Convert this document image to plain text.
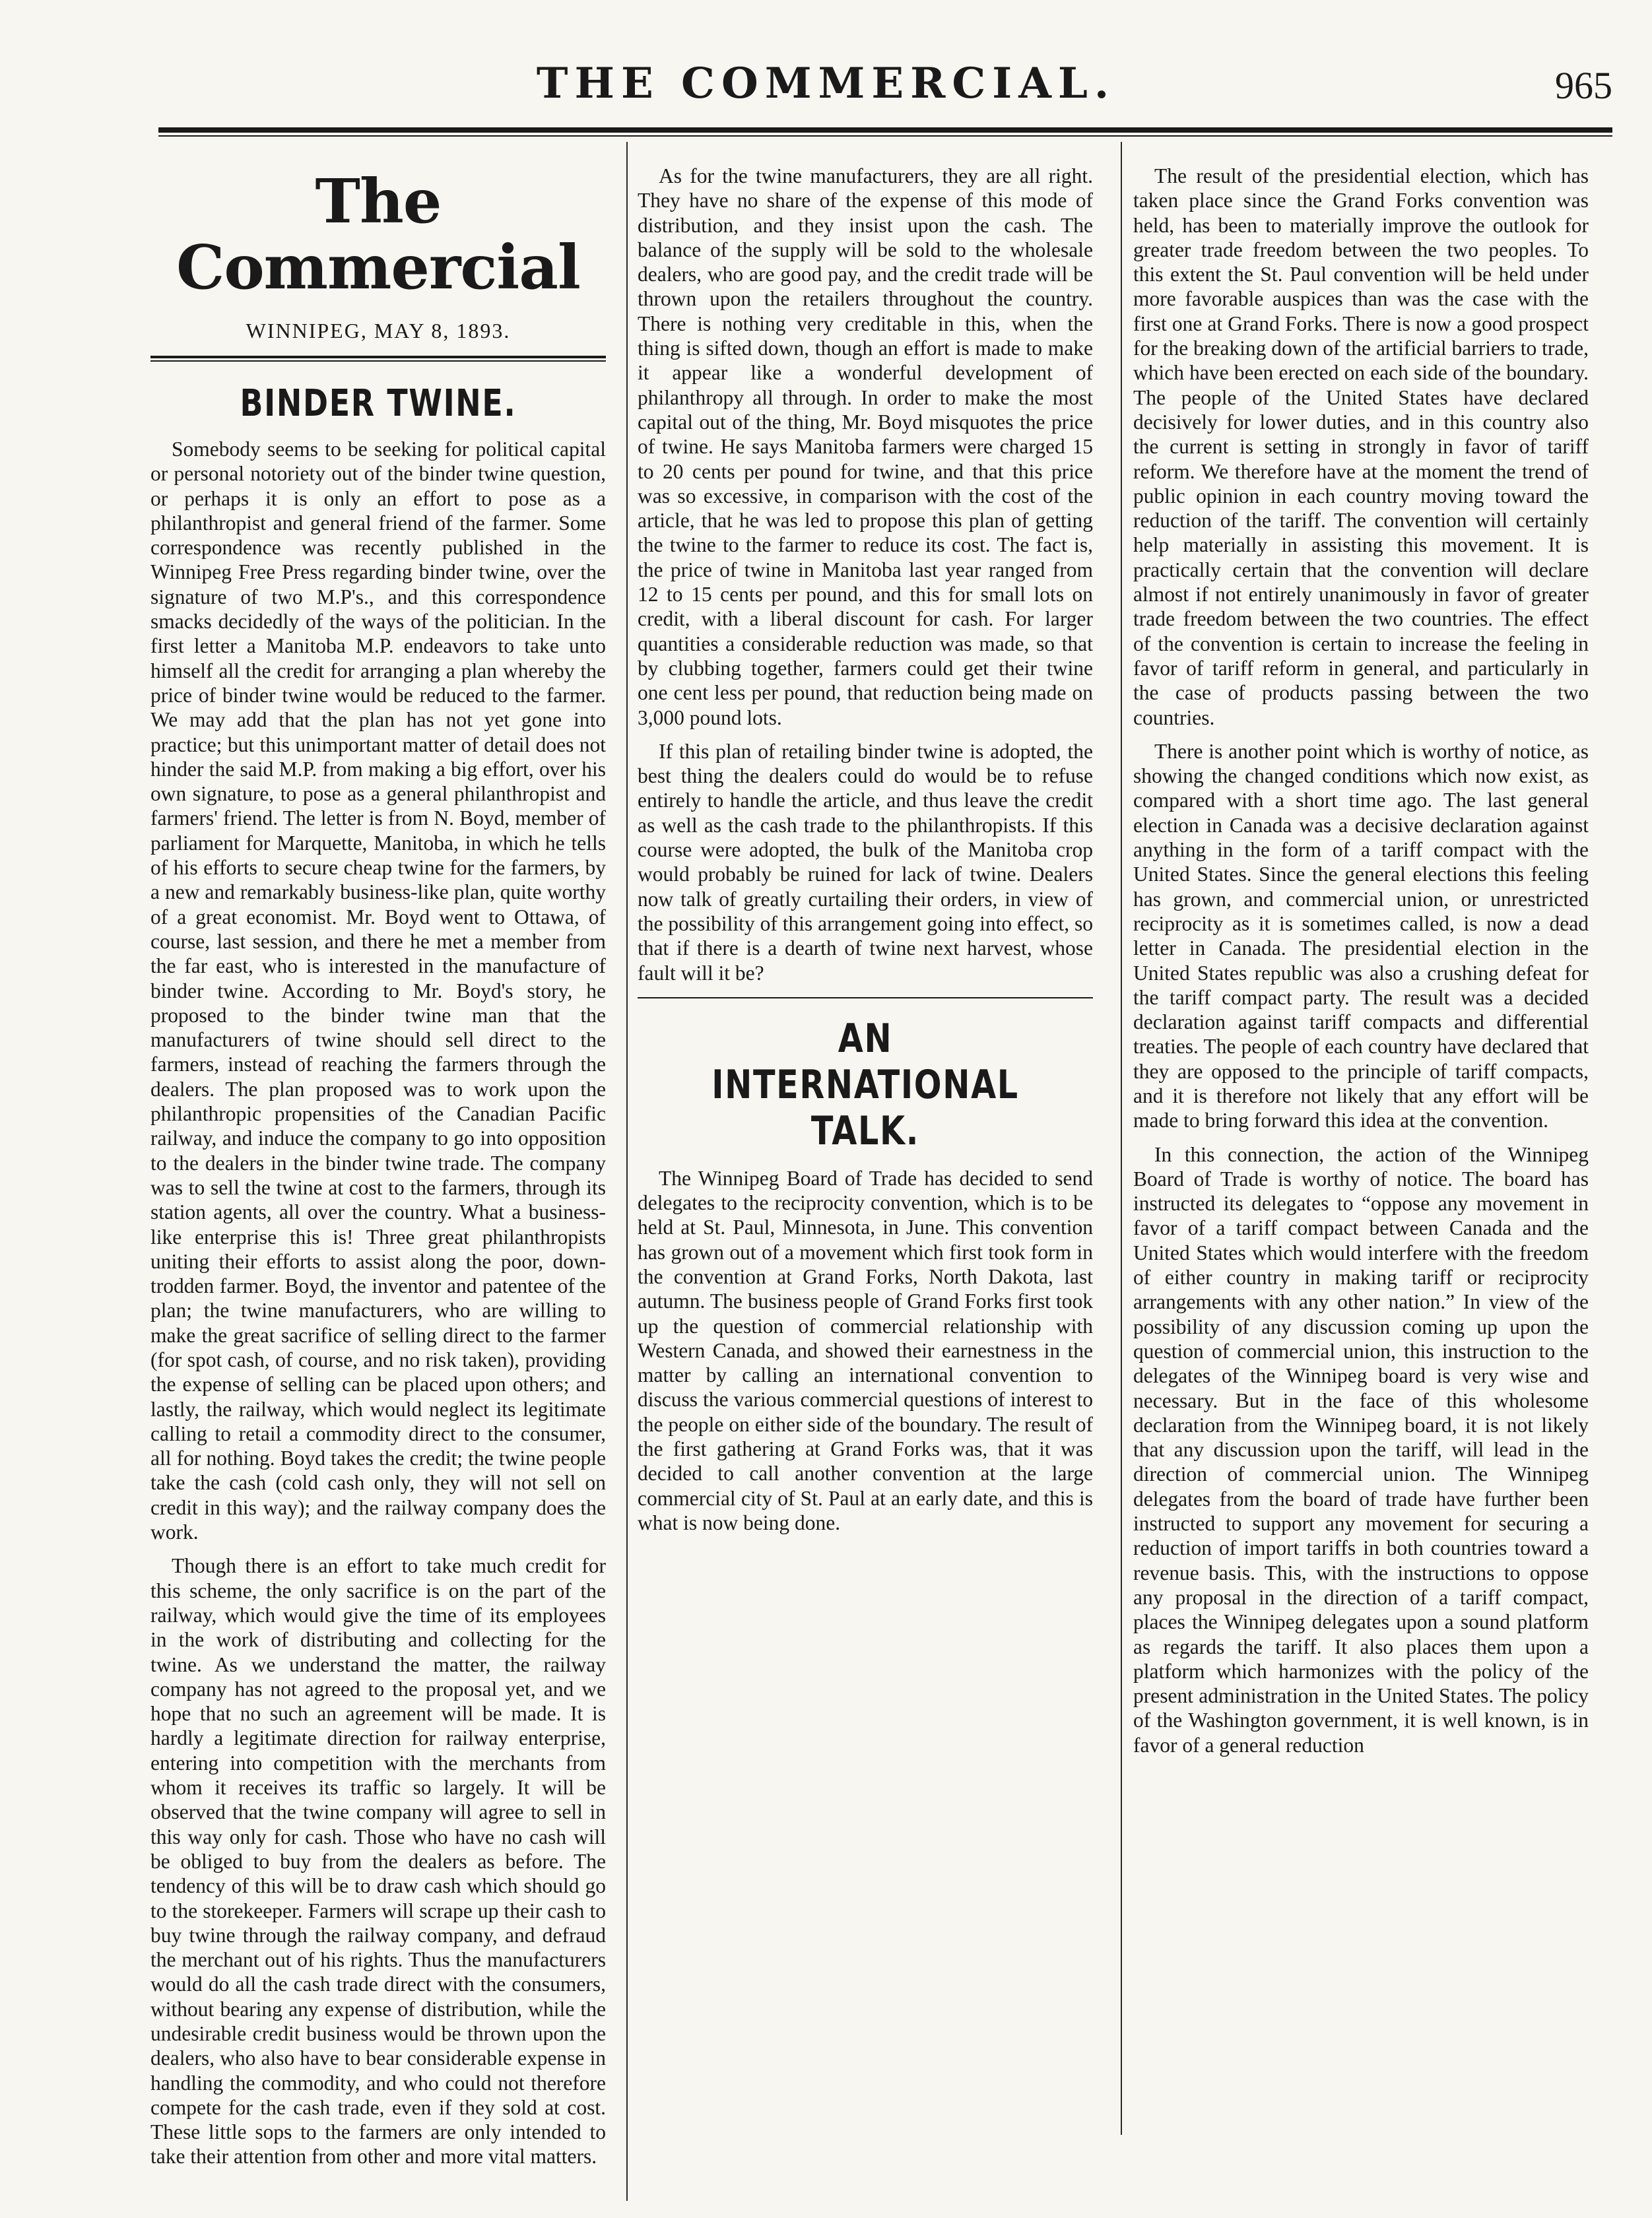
THE COMMERCIAL.	965
The Commercial
WINNIPEG, MAY 8, 1893.
BINDER TWINE.

Somebody seems to be seeking for political capital or personal notoriety out of the binder twine question, or perhaps it is only an effort to pose as a philanthropist and general friend of the farmer. Some correspondence was recently published in the Winnipeg Free Press regarding binder twine, over the signature of two M.P's., and this correspondence smacks decidedly of the ways of the politician. In the first letter a Manitoba M.P. endeavors to take unto himself all the credit for arranging a plan whereby the price of binder twine would be reduced to the farmer. We may add that the plan has not yet gone into practice; but this unimportant matter of detail does not hinder the said M.P. from making a big effort, over his own signature, to pose as a general philanthropist and farmers' friend. The letter is from N. Boyd, member of parliament for Marquette, Manitoba, in which he tells of his efforts to secure cheap twine for the farmers, by a new and remarkably business-like plan, quite worthy of a great economist. Mr. Boyd went to Ottawa, of course, last session, and there he met a member from the far east, who is interested in the manufacture of binder twine. According to Mr. Boyd's story, he proposed to the binder twine man that the manufacturers of twine should sell direct to the farmers, instead of reaching the farmers through the dealers. The plan proposed was to work upon the philanthropic propensities of the Canadian Pacific railway, and induce the company to go into opposition to the dealers in the binder twine trade. The company was to sell the twine at cost to the farmers, through its station agents, all over the country. What a business-like enterprise this is! Three great philanthropists uniting their efforts to assist along the poor, down-trodden farmer. Boyd, the inventor and patentee of the plan; the twine manufacturers, who are willing to make the great sacrifice of selling direct to the farmer (for spot cash, of course, and no risk taken), providing the expense of selling can be placed upon others; and lastly, the railway, which would neglect its legitimate calling to retail a commodity direct to the consumer, all for nothing. Boyd takes the credit; the twine people take the cash (cold cash only, they will not sell on credit in this way); and the railway company does the work.

Though there is an effort to take much credit for this scheme, the only sacrifice is on the part of the railway, which would give the time of its employees in the work of distributing and collecting for the twine. As we understand the matter, the railway company has not agreed to the proposal yet, and we hope that no such an agreement will be made. It is hardly a legitimate direction for railway enterprise, entering into competition with the merchants from whom it receives its traffic so largely. It will be observed that the twine company will agree to sell in this way only for cash. Those who have no cash will be obliged to buy from the dealers as before. The tendency of this will be to draw cash which should go to the storekeeper. Farmers will scrape up their cash to buy twine through the railway company, and defraud the merchant out of his rights. Thus the manufacturers would do all the cash trade direct with the consumers, without bearing any expense of distribution, while the undesirable credit business would be thrown upon the dealers, who also have to bear considerable expense in handling the commodity, and who could not therefore compete for the cash trade, even if they sold at cost. These little sops to the farmers are only intended to take their attention from other and more vital matters.

As for the twine manufacturers, they are all right. They have no share of the expense of this mode of distribution, and they insist upon the cash. The balance of the supply will be sold to the wholesale dealers, who are good pay, and the credit trade will be thrown upon the retailers throughout the country. There is nothing very creditable in this, when the thing is sifted down, though an effort is made to make it appear like a wonderful development of philanthropy all through. In order to make the most capital out of the thing, Mr. Boyd misquotes the price of twine. He says Manitoba farmers were charged 15 to 20 cents per pound for twine, and that this price was so excessive, in comparison with the cost of the article, that he was led to propose this plan of getting the twine to the farmer to reduce its cost. The fact is, the price of twine in Manitoba last year ranged from 12 to 15 cents per pound, and this for small lots on credit, with a liberal discount for cash. For larger quantities a considerable reduction was made, so that by clubbing together, farmers could get their twine one cent less per pound, that reduction being made on 3,000 pound lots.

If this plan of retailing binder twine is adopted, the best thing the dealers could do would be to refuse entirely to handle the article, and thus leave the credit as well as the cash trade to the philanthropists. If this course were adopted, the bulk of the Manitoba crop would probably be ruined for lack of twine. Dealers now talk of greatly curtailing their orders, in view of the possibility of this arrangement going into effect, so that if there is a dearth of twine next harvest, whose fault will it be?

AN INTERNATIONAL TALK.

The Winnipeg Board of Trade has decided to send delegates to the reciprocity convention, which is to be held at St. Paul, Minnesota, in June. This convention has grown out of a movement which first took form in the convention at Grand Forks, North Dakota, last autumn. The business people of Grand Forks first took up the question of commercial relationship with Western Canada, and showed their earnestness in the matter by calling an international convention to discuss the various commercial questions of interest to the people on either side of the boundary. The result of the first gathering at Grand Forks was, that it was decided to call another convention at the large commercial city of St. Paul at an early date, and this is what is now being done.

The result of the presidential election, which has taken place since the Grand Forks convention was held, has been to materially improve the outlook for greater trade freedom between the two peoples. To this extent the St. Paul convention will be held under more favorable auspices than was the case with the first one at Grand Forks. There is now a good prospect for the breaking down of the artificial barriers to trade, which have been erected on each side of the boundary. The people of the United States have declared decisively for lower duties, and in this country also the current is setting in strongly in favor of tariff reform. We therefore have at the moment the trend of public opinion in each country moving toward the reduction of the tariff. The convention will certainly help materially in assisting this movement. It is practically certain that the convention will declare almost if not entirely unanimously in favor of greater trade freedom between the two countries. The effect of the convention is certain to increase the feeling in favor of tariff reform in general, and particularly in the case of products passing between the two countries.

There is another point which is worthy of notice, as showing the changed conditions which now exist, as compared with a short time ago. The last general election in Canada was a decisive declaration against anything in the form of a tariff compact with the United States. Since the general elections this feeling has grown, and commercial union, or unrestricted reciprocity as it is sometimes called, is now a dead letter in Canada. The presidential election in the United States republic was also a crushing defeat for the tariff compact party. The result was a decided declaration against tariff compacts and differential treaties. The people of each country have declared that they are opposed to the principle of tariff compacts, and it is therefore not likely that any effort will be made to bring forward this idea at the convention.

In this connection, the action of the Winnipeg Board of Trade is worthy of notice. The board has instructed its delegates to “oppose any movement in favor of a tariff compact between Canada and the United States which would interfere with the freedom of either country in making tariff or reciprocity arrangements with any other nation.” In view of the possibility of any discussion coming up upon the question of commercial union, this instruction to the delegates of the Winnipeg board is very wise and necessary. But in the face of this wholesome declaration from the Winnipeg board, it is not likely that any discussion upon the tariff, will lead in the direction of commercial union. The Winnipeg delegates from the board of trade have further been instructed to support any movement for securing a reduction of import tariffs in both countries toward a revenue basis. This, with the instructions to oppose any proposal in the direction of a tariff compact, places the Winnipeg delegates upon a sound platform as regards the tariff. It also places them upon a platform which harmonizes with the policy of the present administration in the United States. The policy of the Washington government, it is well known, is in favor of a general reduction
